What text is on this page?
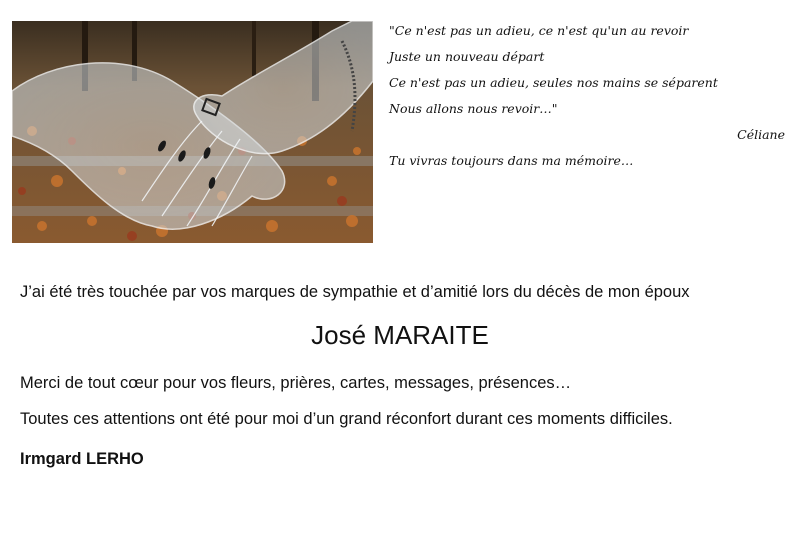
"Ce n'est pas un adieu, ce n'est qu'un au revoir
Juste un nouveau départ
Ce n'est pas un adieu, seules nos mains se séparent
Nous allons nous revoir…"
Céliane
Tu vivras toujours dans ma mémoire…
J’ai été très touchée par vos marques de sympathie et d’amitié lors du décès de mon époux
José MARAITE
Merci de tout cœur pour vos fleurs, prières, cartes, messages, présences…
Toutes ces attentions ont été pour moi d’un grand réconfort durant ces moments difficiles.
Irmgard LERHO
